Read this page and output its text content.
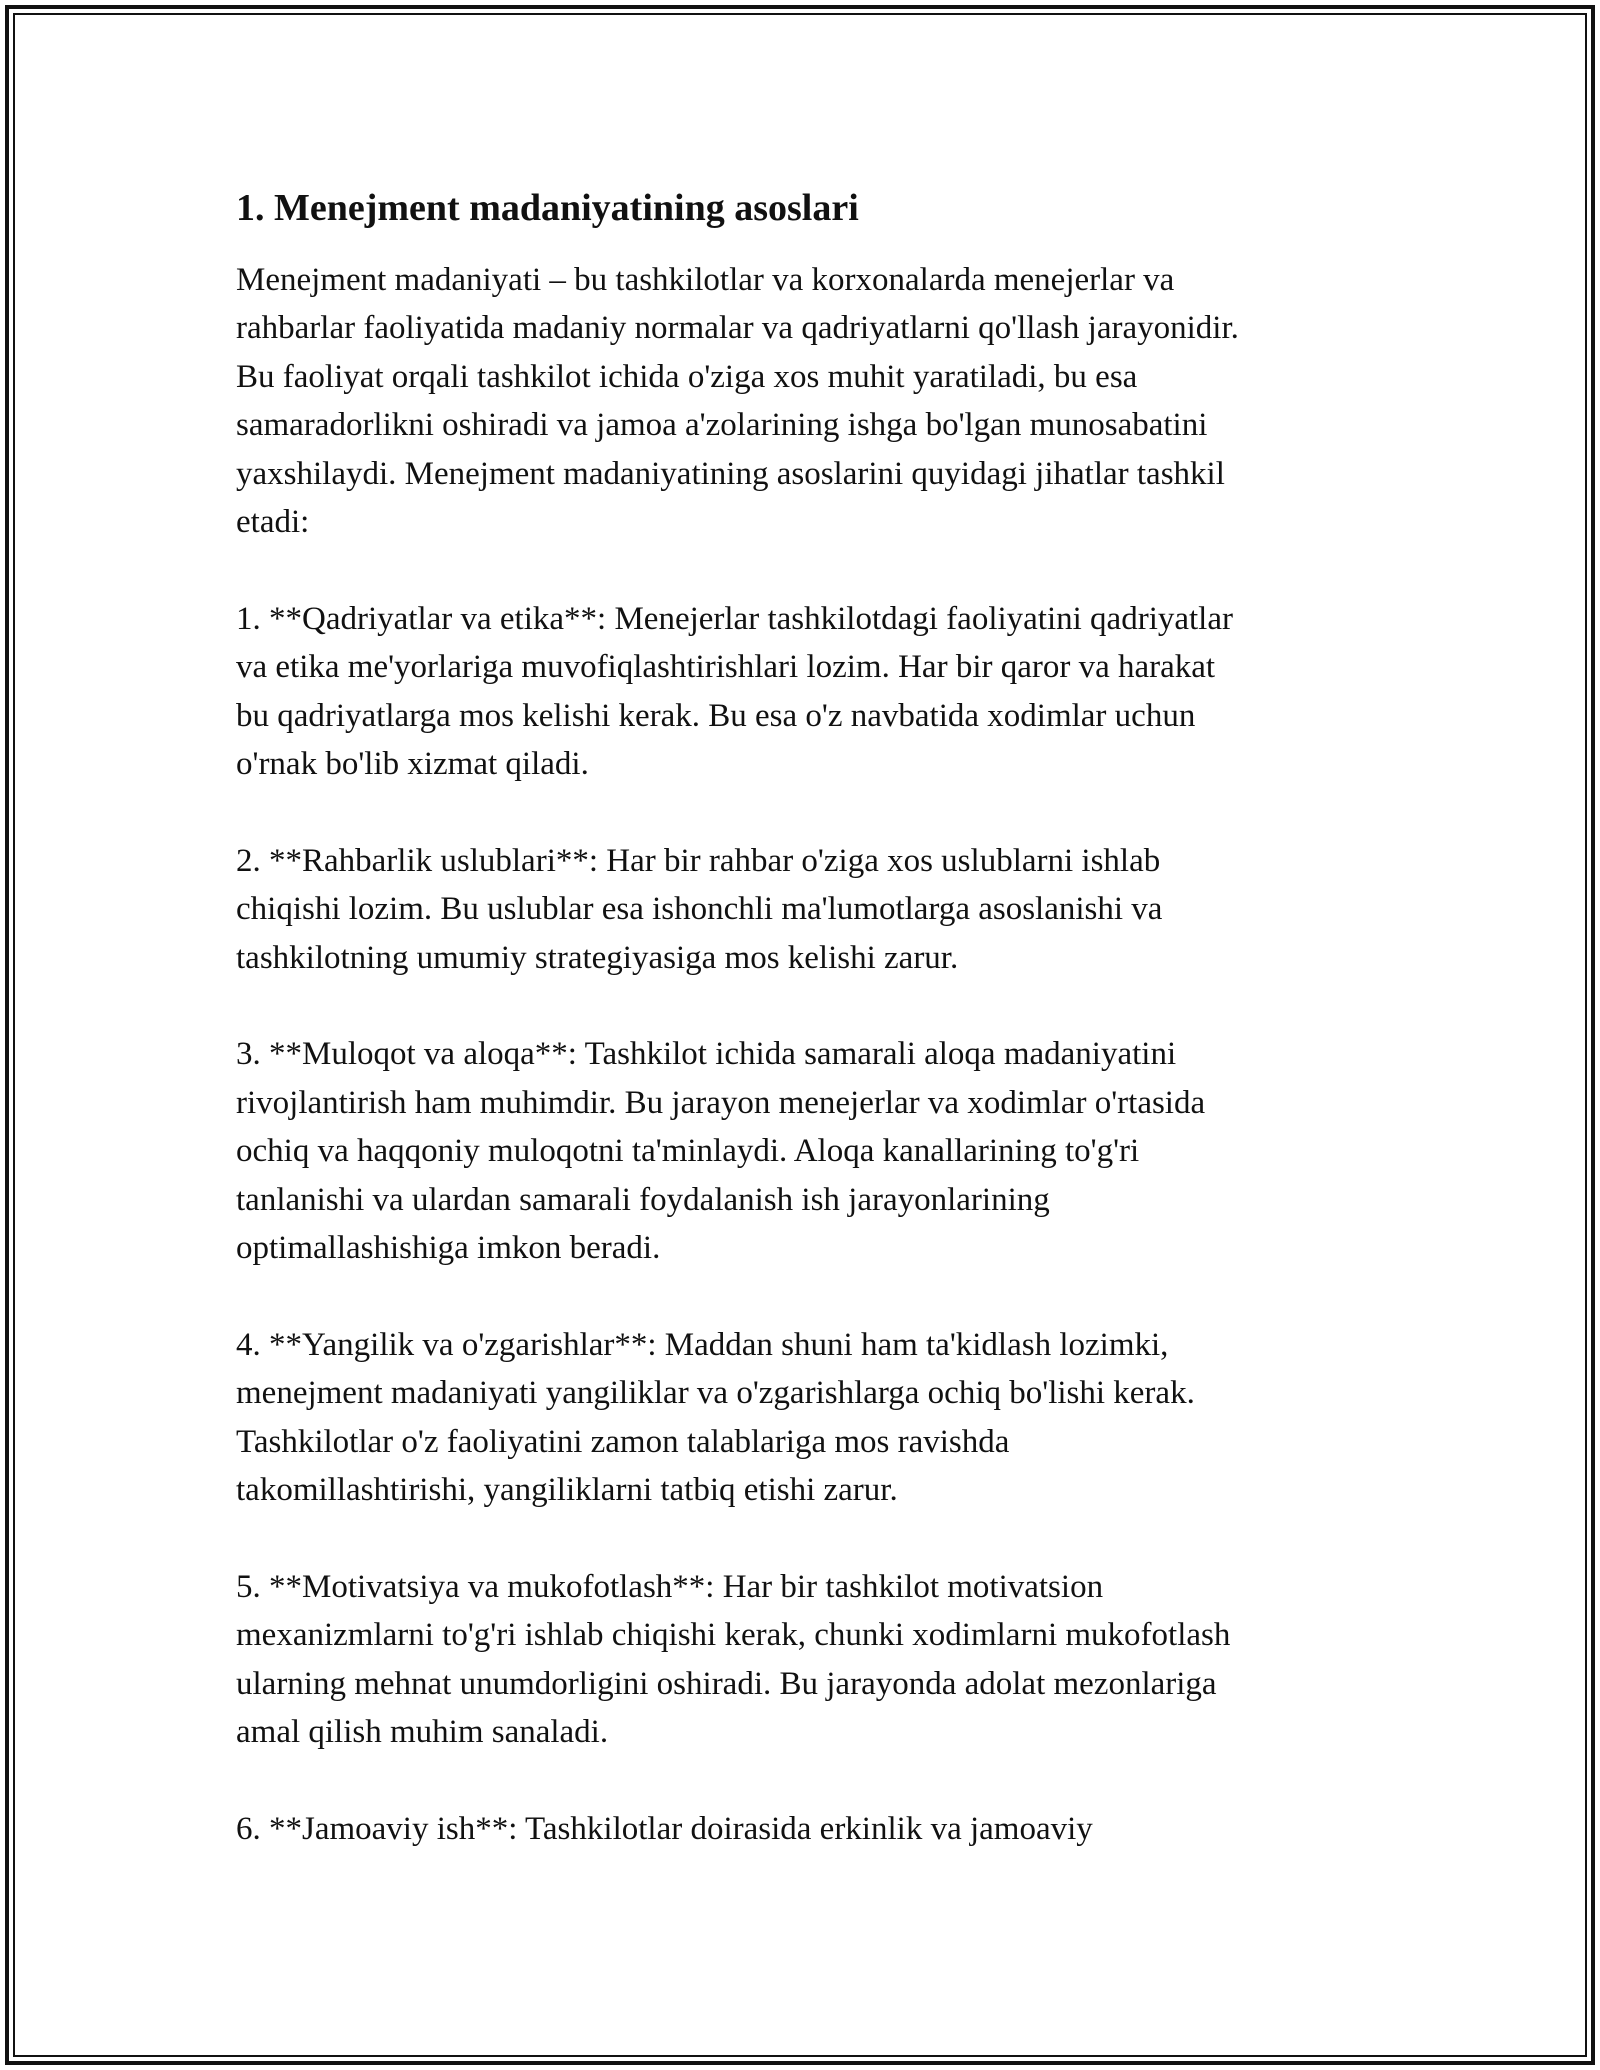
1. Menejment madaniyatining asoslari

Menejment madaniyati – bu tashkilotlar va korxonalarda menejerlar va
rahbarlar faoliyatida madaniy normalar va qadriyatlarni qo'llash jarayonidir.
Bu faoliyat orqali tashkilot ichida o'ziga xos muhit yaratiladi, bu esa
samaradorlikni oshiradi va jamoa a'zolarining ishga bo'lgan munosabatini
yaxshilaydi. Menejment madaniyatining asoslarini quyidagi jihatlar tashkil
etadi:

1. **Qadriyatlar va etika**: Menejerlar tashkilotdagi faoliyatini qadriyatlar
va etika me'yorlariga muvofiqlashtirishlari lozim. Har bir qaror va harakat
bu qadriyatlarga mos kelishi kerak. Bu esa o'z navbatida xodimlar uchun
o'rnak bo'lib xizmat qiladi.

2. **Rahbarlik uslublari**: Har bir rahbar o'ziga xos uslublarni ishlab
chiqishi lozim. Bu uslublar esa ishonchli ma'lumotlarga asoslanishi va
tashkilotning umumiy strategiyasiga mos kelishi zarur.

3. **Muloqot va aloqa**: Tashkilot ichida samarali aloqa madaniyatini
rivojlantirish ham muhimdir. Bu jarayon menejerlar va xodimlar o'rtasida
ochiq va haqqoniy muloqotni ta'minlaydi. Aloqa kanallarining to'g'ri
tanlanishi va ulardan samarali foydalanish ish jarayonlarining
optimallashishiga imkon beradi.

4. **Yangilik va o'zgarishlar**: Maddan shuni ham ta'kidlash lozimki,
menejment madaniyati yangiliklar va o'zgarishlarga ochiq bo'lishi kerak.
Tashkilotlar o'z faoliyatini zamon talablariga mos ravishda
takomillashtirishi, yangiliklarni tatbiq etishi zarur.

5. **Motivatsiya va mukofotlash**: Har bir tashkilot motivatsion
mexanizmlarni to'g'ri ishlab chiqishi kerak, chunki xodimlarni mukofotlash
ularning mehnat unumdorligini oshiradi. Bu jarayonda adolat mezonlariga
amal qilish muhim sanaladi.

6. **Jamoaviy ish**: Tashkilotlar doirasida erkinlik va jamoaviy
